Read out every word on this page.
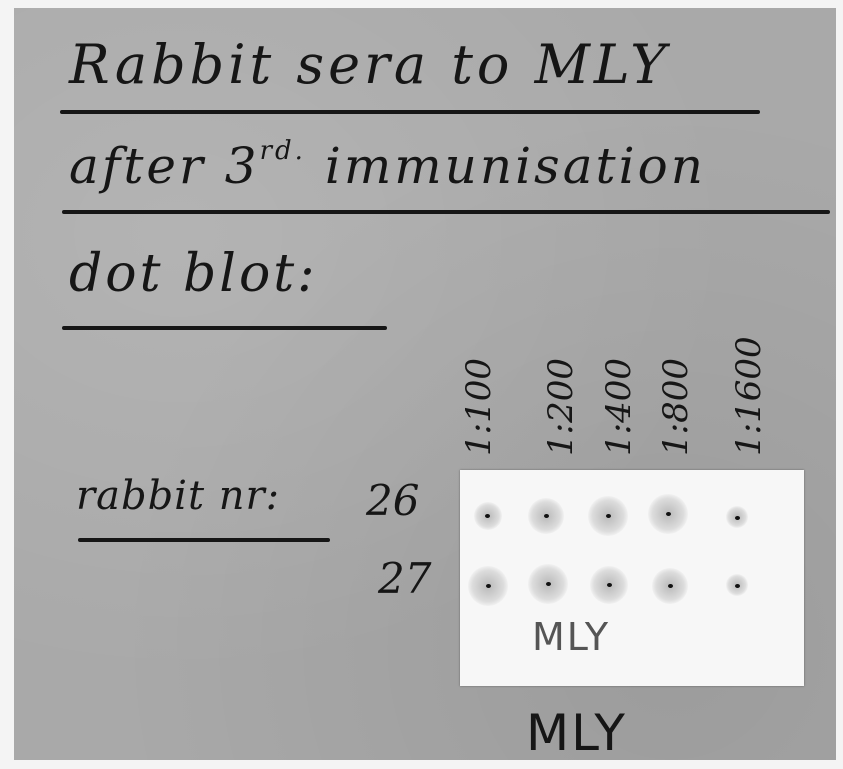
Rabbit sera to MLY
after $3^{rd.}$ immunisation
dot blot:
1:100 1:200 1:400 1:800 1:1600
rabbit nr: 26
27
MLY
MLY
